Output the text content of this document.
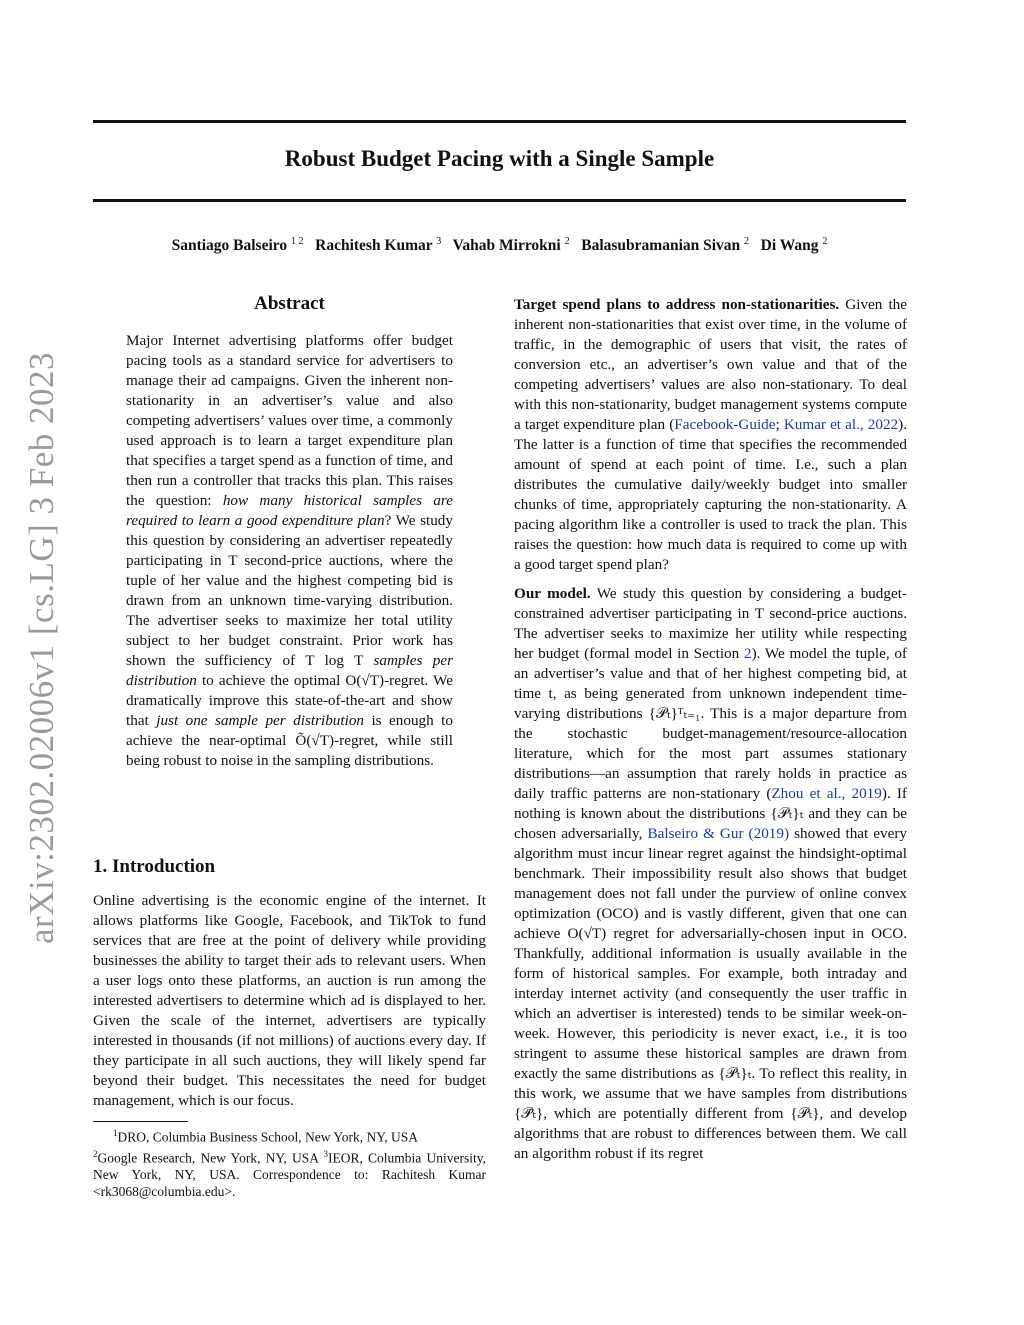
Robust Budget Pacing with a Single Sample
Santiago Balseiro $^{1 2}$ Rachitesh Kumar $^3$ Vahab Mirrokni $^2$ Balasubramanian Sivan $^2$ Di Wang $^2$
arXiv:2302.02006v1 [cs.LG] 3 Feb 2023
Abstract
Major Internet advertising platforms offer budget pacing tools as a standard service for advertisers to manage their ad campaigns. Given the inherent non-stationarity in an advertiser’s value and also competing advertisers’ values over time, a commonly used approach is to learn a target expenditure plan that specifies a target spend as a function of time, and then run a controller that tracks this plan. This raises the question: how many historical samples are required to learn a good expenditure plan? We study this question by considering an advertiser repeatedly participating in T second-price auctions, where the tuple of her value and the highest competing bid is drawn from an unknown time-varying distribution. The advertiser seeks to maximize her total utility subject to her budget constraint. Prior work has shown the sufficiency of T log T samples per distribution to achieve the optimal O(√T)-regret. We dramatically improve this state-of-the-art and show that just one sample per distribution is enough to achieve the near-optimal Õ(√T)-regret, while still being robust to noise in the sampling distributions.
1. Introduction
Online advertising is the economic engine of the internet. It allows platforms like Google, Facebook, and TikTok to fund services that are free at the point of delivery while providing businesses the ability to target their ads to relevant users. When a user logs onto these platforms, an auction is run among the interested advertisers to determine which ad is displayed to her. Given the scale of the internet, advertisers are typically interested in thousands (if not millions) of auctions every day. If they participate in all such auctions, they will likely spend far beyond their budget. This necessitates the need for budget management, which is our focus.
$^1$DRO, Columbia Business School, New York, NY, USA
$^2$Google Research, New York, NY, USA $^3$IEOR, Columbia University, New York, NY, USA. Correspondence to: Rachitesh Kumar <rk3068@columbia.edu>.

Target spend plans to address non-stationarities. Given the inherent non-stationarities that exist over time, in the volume of traffic, in the demographic of users that visit, the rates of conversion etc., an advertiser’s own value and that of the competing advertisers’ values are also non-stationary. To deal with this non-stationarity, budget management systems compute a target expenditure plan (Facebook-Guide; Kumar et al., 2022). The latter is a function of time that specifies the recommended amount of spend at each point of time. I.e., such a plan distributes the cumulative daily/weekly budget into smaller chunks of time, appropriately capturing the non-stationarity. A pacing algorithm like a controller is used to track the plan. This raises the question: how much data is required to come up with a good target spend plan?

Our model. We study this question by considering a budget-constrained advertiser participating in T second-price auctions. The advertiser seeks to maximize her utility while respecting her budget (formal model in Section 2). We model the tuple, of an advertiser’s value and that of her highest competing bid, at time t, as being generated from unknown independent time-varying distributions {𝒫ₜ}ᵀₜ₌₁. This is a major departure from the stochastic budget-management/resource-allocation literature, which for the most part assumes stationary distributions—an assumption that rarely holds in practice as daily traffic patterns are non-stationary (Zhou et al., 2019). If nothing is known about the distributions {𝒫ₜ}ₜ and they can be chosen adversarially, Balseiro & Gur (2019) showed that every algorithm must incur linear regret against the hindsight-optimal benchmark. Their impossibility result also shows that budget management does not fall under the purview of online convex optimization (OCO) and is vastly different, given that one can achieve O(√T) regret for adversarially-chosen input in OCO. Thankfully, additional information is usually available in the form of historical samples. For example, both intraday and interday internet activity (and consequently the user traffic in which an advertiser is interested) tends to be similar week-on-week. However, this periodicity is never exact, i.e., it is too stringent to assume these historical samples are drawn from exactly the same distributions as {𝒫ₜ}ₜ. To reflect this reality, in this work, we assume that we have samples from distributions {𝒫̃ₜ}, which are potentially different from {𝒫ₜ}, and develop algorithms that are robust to differences between them. We call an algorithm robust if its regret
